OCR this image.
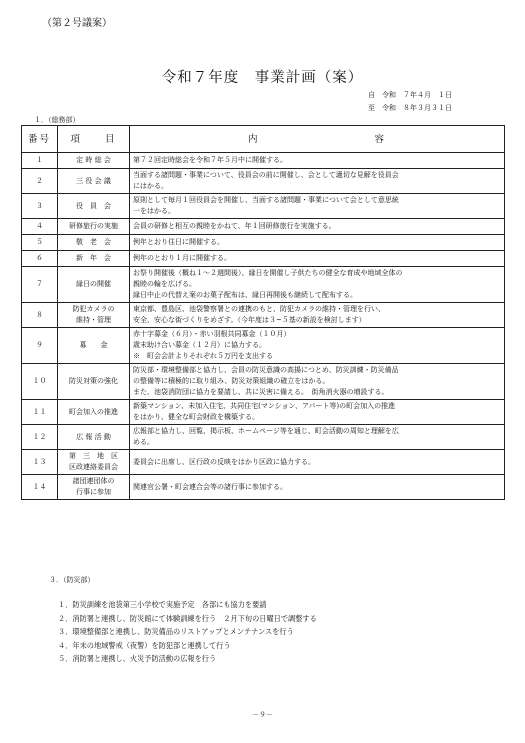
（第２号議案）
令和７年度　事業計画（案）
自　令和　７年４月　１日
至　令和　８年３月３１日
１．（総務部）
番号	項　　目	内　　　　　　　　　　容
１	定 時 総 会	第７２回定時総会を令和７年５月中に開催する。

２	三 役 会 議	当面する諸問題・事業について、役員会の前に開催し、会として適切な見解を役員会
にはかる。

３	役　員　会	原則として毎月１回役員会を開催し、当面する諸問題・事業について会として意思統
一をはかる。

４	研修旅行の実施	会員の研修と相互の親睦をかねて、年１回研修旅行を実施する。

５	敬　老　会	例年とおり住日に開催する。

６	新　年　会	例年のとおり１月に開催する。

７	縁日の開催	お祭り開催後（概ね１～２週間後）、縁日を開催し子供たちの健全な育成や地域全体の
親睦の輪を広げる。
縁日中止の代替え案のお菓子配布は、縁日再開後も継続して配布する。

８	防犯カメラの
維持・管理	東京都、豊島区、池袋警察署との連携のもと、防犯カメラの維持・管理を行い、
安全、安心な街づくりをめざす。（今年度は３~５基の新設を検討します）

９	募　　金	赤十字募金（６月）・赤い羽根共同募金（１０月）
歳末助け合い募金（１２月）に協力する。
※　町会会計よりそれぞれ５万円を支出する

１０	防災対策の強化	防災部・環境整備部と協力し、会員の防災意識の高揚につとめ、防災訓練・防災備品
の整備等に積極的に取り組み、防災対策組織の確立をはかる。
また、池袋消防団に協力を要請し、共に災害に備える。　街角消火器の増設する。

１１	町会加入の推進	新築マンション、未加入住宅、共同住宅(マンション、アパート等)の町会加入の推進
をはかり、健全な町会財政を構築する。

１２	広 報 活 動	広報部と協力し、回覧、掲示板、ホームページ等を通じ、町会活動の周知と理解を広
める。

１３	第　三　地　区
区政連絡委員会	委員会に出席し、区行政の反映をはかり区政に協力する。

１４	諸団連団体の
行事に参加	関連官公署・町会連合会等の諸行事に参加する。
３．（防災部）
１．防災訓練を池袋第三小学校で実施予定　各部にも協力を要請
２．消防署と連携し、防災館にて体験訓練を行う　２月下旬の日曜日で調整する
３．環境整備部と連携し、防災備品のリストアップとメンテナンスを行う
４．年末の地域警戒（夜警）を防犯部と連携して行う
５．消防署と連携し、火災予防活動の広報を行う
－９－
